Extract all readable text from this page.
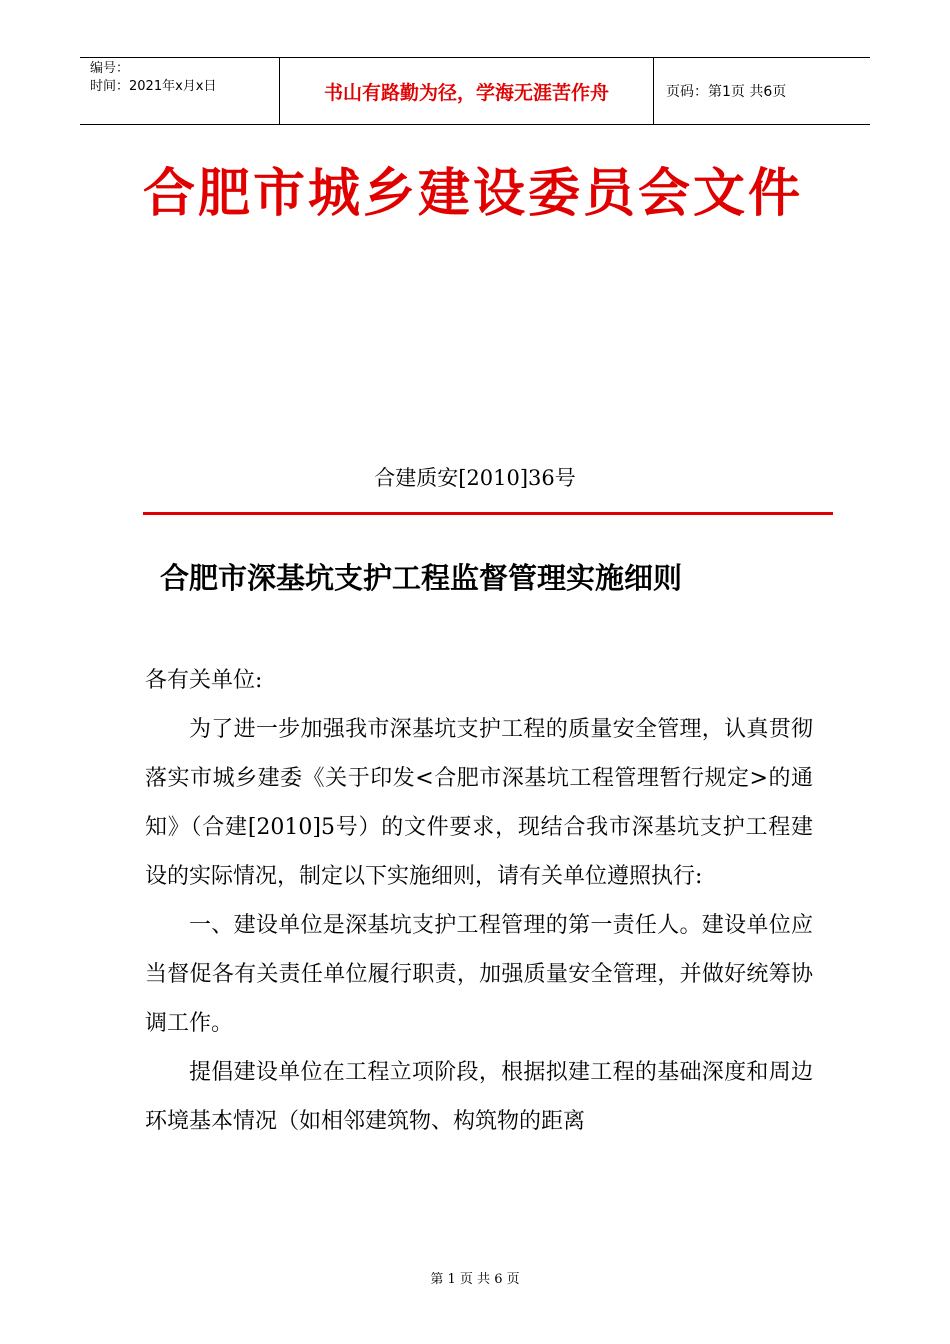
编号：
时间：2021年x月x日	书山有路勤为径，学海无涯苦作舟	页码：第1页 共6页
合肥市城乡建设委员会文件
合建质安[2010]36号
合肥市深基坑支护工程监督管理实施细则

各有关单位:

为了进一步加强我市深基坑支护工程的质量安全管理，认真贯彻落实市城乡建委《关于印发<合肥市深基坑工程管理暂行规定>的通知》（合建[2010]5号）的文件要求，现结合我市深基坑支护工程建设的实际情况，制定以下实施细则，请有关单位遵照执行:

一、建设单位是深基坑支护工程管理的第一责任人。建设单位应当督促各有关责任单位履行职责，加强质量安全管理，并做好统筹协调工作。

提倡建设单位在工程立项阶段，根据拟建工程的基础深度和周边环境基本情况（如相邻建筑物、构筑物的距离

第 1 页 共 6 页
